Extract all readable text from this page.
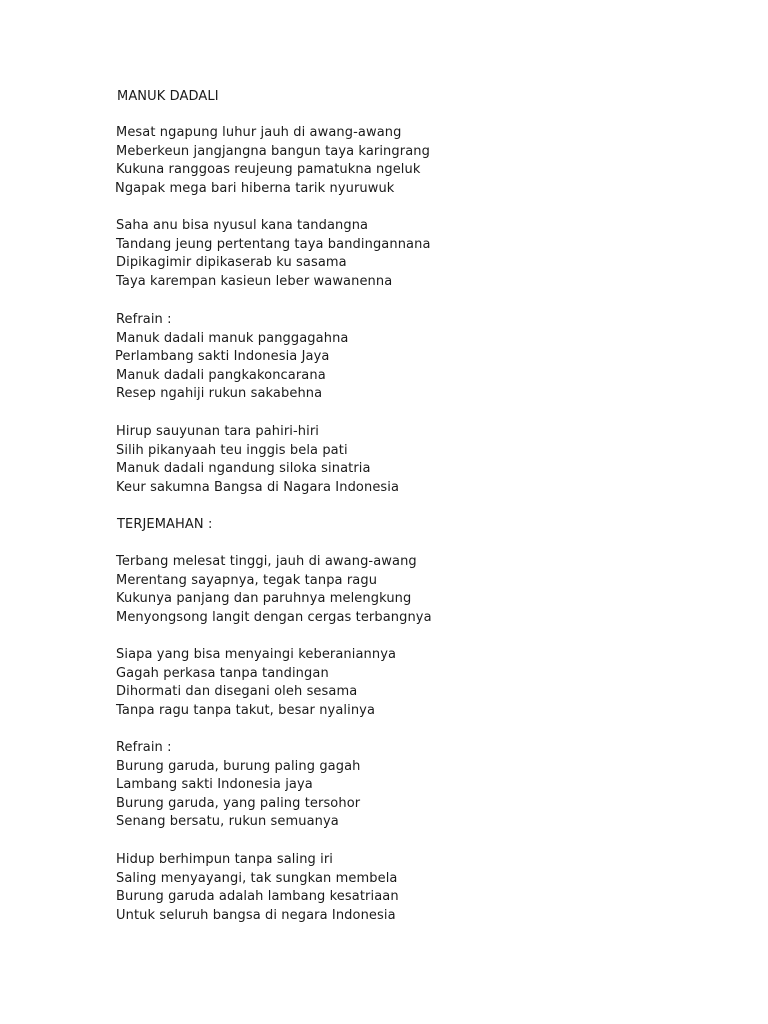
MANUK DADALI
Mesat ngapung luhur jauh di awang-awang
Meberkeun jangjangna bangun taya karingrang
Kukuna ranggoas reujeung pamatukna ngeluk
Ngapak mega bari hiberna tarik nyuruwuk
Saha anu bisa nyusul kana tandangna
Tandang jeung pertentang taya bandingannana
Dipikagimir dipikaserab ku sasama
Taya karempan kasieun leber wawanenna
Refrain :
Manuk dadali manuk panggagahna
Perlambang sakti Indonesia Jaya
Manuk dadali pangkakoncarana
Resep ngahiji rukun sakabehna
Hirup sauyunan tara pahiri-hiri
Silih pikanyaah teu inggis bela pati
Manuk dadali ngandung siloka sinatria
Keur sakumna Bangsa di Nagara Indonesia
TERJEMAHAN :
Terbang melesat tinggi, jauh di awang-awang
Merentang sayapnya, tegak tanpa ragu
Kukunya panjang dan paruhnya melengkung
Menyongsong langit dengan cergas terbangnya
Siapa yang bisa menyaingi keberaniannya
Gagah perkasa tanpa tandingan
Dihormati dan disegani oleh sesama
Tanpa ragu tanpa takut, besar nyalinya
Refrain :
Burung garuda, burung paling gagah
Lambang sakti Indonesia jaya
Burung garuda, yang paling tersohor
Senang bersatu, rukun semuanya
Hidup berhimpun tanpa saling iri
Saling menyayangi, tak sungkan membela
Burung garuda adalah lambang kesatriaan
Untuk seluruh bangsa di negara Indonesia
